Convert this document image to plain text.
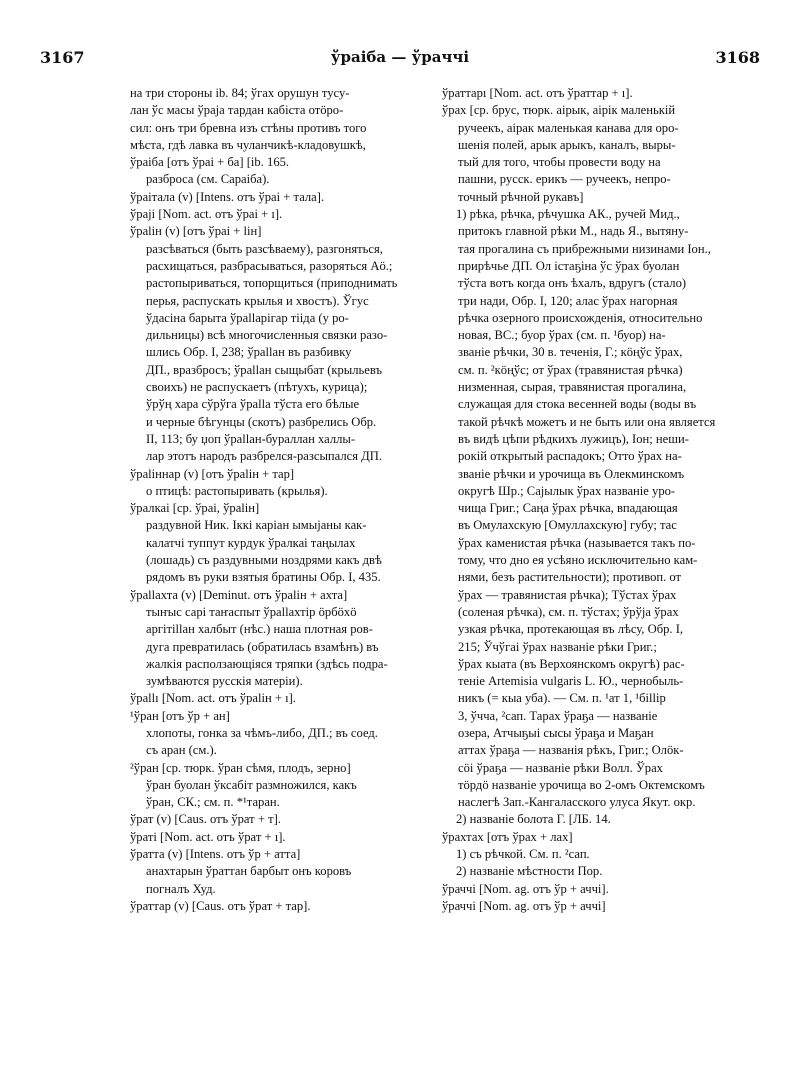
3167	ўраіба — ўраччі	3168
на три стороны ib. 84; ўгах орушун тусу-
лан ўс масы ўраја тардан кабіста отӧро-
сил: онъ три бревна изъ стѣны противъ того
мѣста, гдѣ лавка въ чуланчикѣ-кладовушкѣ,
ўраіба [отъ ўраі + ба] [ib. 165.
разброса (см. Сараіба).
ўраітала (v) [Intens. отъ ўраі + тала].
ўраjі [Nom. act. отъ ўраі + ı].
ўраlін (v) [отъ ўраі + lін]
разсѣваться (быть разсѣваему), разгоняться,
расхищаться, разбрасываться, разоряться Аӧ.;
растопыриваться, топорщиться (приподнимать
перья, распускать крылья и хвостъ). Ўгус
ўдасіна барыта ўраllарігар тііда (у ро-
дильницы) всѣ многочисленныя связки разо-
шлись Обр. I, 238; ўраllан въ разбивку
ДП., вразбросъ; ўраllан сыщыбат (крыльевъ
своихъ) не распускаетъ (пѣтухъ, курица);
ўрўң хара сўрўга ўраllа тўста его бѣлые
и черные бѣгунцы (скотъ) разбрелись Обр.
II, 113; бу џоп ўраllан-бураллан халлы-
лар этотъ народъ разбрелся-разсыпался ДП.
ўраlіннар (v) [отъ ўраlін + тар]
о птицѣ: растопыривать (крылья).
ўралкаі [ср. ўраі, ўраlін]
раздувной Ник. Іккі каріан ымыјаны как-
калатчі туппут курдук ўралкаі таңылах
(лошадь) съ раздувными ноздрями какъ двѣ
рядомъ въ руки взятыя братины Обр. I, 435.
ўраllахта (v) [Deminut. отъ ўраlін + ахта]
тыҥыс сарі таҥаспыт ўраllахтір ӧрбӧхӧ
аргітіllан халбыт (нѣс.) наша плотная ров-
дуга превратилась (обратилась взамѣнъ) въ
жалкія расползающіяся тряпки (здѣсь подра-
зумѣваются русскія матеріи).
ўраllı [Nom. act. отъ ўраlін + ı].
¹ўран [отъ ўр + ан]
хлопоты, гонка за чѣмъ-либо, ДП.; въ соед.
съ аран (см.).
²ўран [ср. тюрк. ўран сѣмя, плодъ, зерно]
ўран буолан ўксабіт размножился, какъ
ўран, СК.; см. п. *¹таран.
ўрат (v) [Caus. отъ ўрат + т].
ўраті [Nom. act. отъ ўрат + ı].
ўратта (v) [Intens. отъ ўр + атта]
анахтарын ўраттан барбыт онъ коровъ
погналъ Худ.
ўраттар (v) [Caus. отъ ўрат + тар].
ўраттарı [Nom. act. отъ ўраттар + ı].
ўрах [ср. брус, тюрк. аірык, аірік маленькій
ручеекъ, аірак маленькая канава для оро-
шенія полей, арык арыкъ, каналъ, выры-
тый для того, чтобы провести воду на
пашни, русск. ерикъ — ручеекъ, непро-
точный рѣчной рукавъ]
1) рѣка, рѣчка, рѣчушка АК., ручей Мид.,
притокъ главной рѣки М., надь Я., вытяну-
тая прогалина съ прибрежными низинами Іон.,
прирѣчье ДП. Ол істаҕіна ўс ўрах буолан
тўста вотъ когда онъ ѣхалъ, вдругъ (стало)
три нади, Обр. I, 120; алас ўрах нагорная
рѣчка озерного происхожденія, относительно
новая, ВС.; буор ўрах (см. п. ¹буор) на-
званіе рѣчки, 30 в. теченія, Г.; кӧңўс ўрах,
см. п. ²кӧңўс; от ўрах (травянистая рѣчка)
низменная, сырая, травянистая прогалина,
служащая для стока весенней воды (воды въ
такой рѣчкѣ можетъ и не быть или она является
въ видѣ цѣпи рѣдкихъ лужицъ), Іон; неши-
рокій открытый распадокъ; Отто ўрах на-
званіе рѣчки и урочища въ Олекминскомъ
округѣ Шр.; Сајылык ўрах названіе уро-
чища Григ.; Саңа ўрах рѣчка, впадающая
въ Омулахскую [Омуллахскую] губу; тас
ўрах каменистая рѣчка (называется такъ по-
тому, что дно ея усѣяно исключительно кам-
нями, безъ растительности); противоп. от
ўрах — травянистая рѣчка); Тўстах ўрах
(соленая рѣчка), см. п. тўстах; ўрўја ўрах
узкая рѣчка, протекающая въ лѣсу, Обр. I,
215; Ўчўгаі ўрах названіе рѣки Григ.;
ўрах кыата (въ Верхоянскомъ округѣ) рас-
теніе Artemisia vulgaris L. Ю., чернобыль-
никъ (= кыа уба). — См. п. ¹ат 1, ¹біllір
3, ўчча, ²сап. Тарах ўраҕа — названіе
озера, Атчыҕыі сысы ўраҕа и Маҕан
аттах ўраҕа — названія рѣкъ, Григ.; Олӧк-
сӧі ўраҕа — названіе рѣки Волл. Ўрах
тӧрдӧ названіе урочища во 2-омъ Октемскомъ
наслегѣ Зап.-Кангаласского улуса Якут. окр.
2) названіе болота Г. [ЛБ. 14.
ўрахтах [отъ ўрах + лах]
1) съ рѣчкой. См. п. ²сап.
2) названіе мѣстности Пор.
ўраччі [Nom. ag. отъ ўр + аччі].
ўраччі [Nom. ag. отъ ўр + аччі]
